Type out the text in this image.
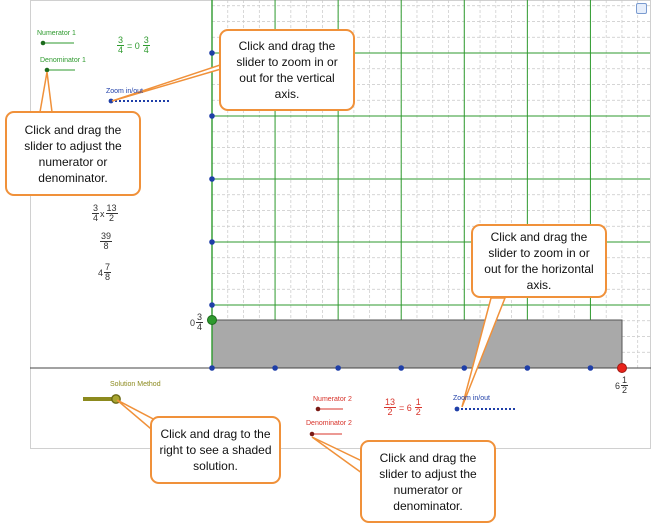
Numerator 1
Denominator 1
Zoom in/out
Zoom in/out
Solution Method
Numerator 2
Denominator 2
$\frac{3}{4} = 0 \frac{3}{4}$
$\frac{13}{2} = 6 \frac{1}{2}$
$\frac{3}{4}$ x $\frac{13}{2}$
$\frac{39}{8}$
$4 \frac{7}{8}$
$0 \frac{3}{4}$
$6 \frac{1}{2}$
Click and drag the slider to zoom in or out for the vertical axis.
Click and drag the slider to adjust the numerator or denominator.
Click and drag the slider to zoom in or out for the horizontal axis.
Click and drag to the right to see a shaded solution.
Click and drag the slider to adjust the numerator or denominator.
